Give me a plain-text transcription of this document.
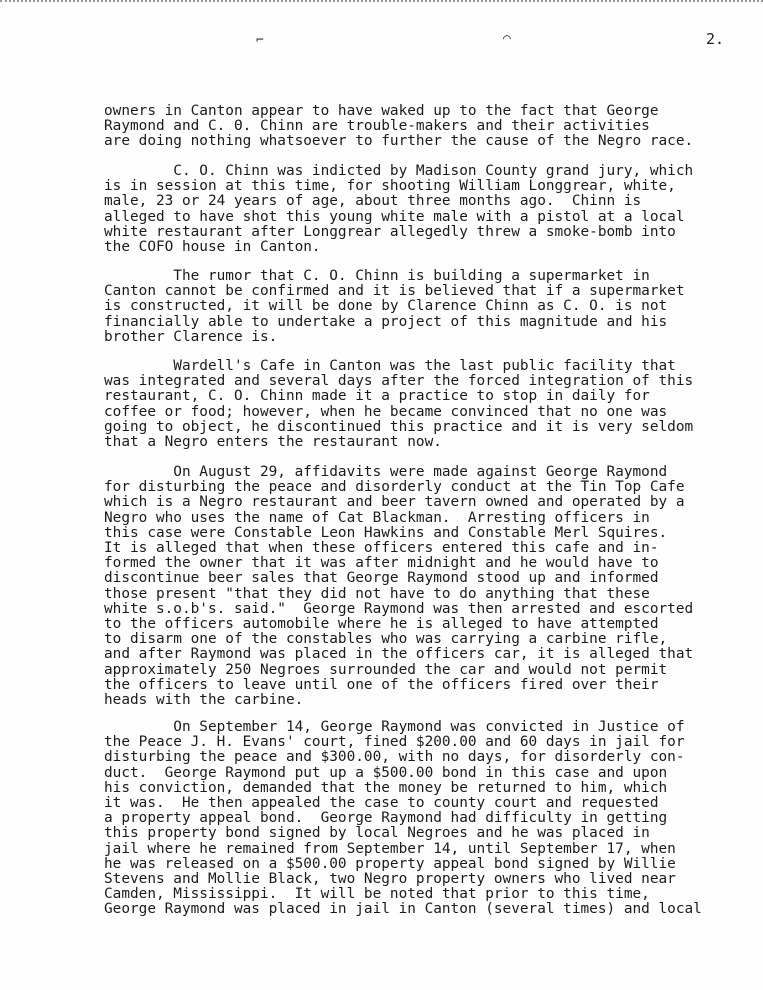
⌐	⌒	2.
owners in Canton appear to have waked up to the fact that George
Raymond and C. Θ. Chinn are trouble-makers and their activities
are doing nothing whatsoever to further the cause of the Negro race.
C. O. Chinn was indicted by Madison County grand jury, which
is in session at this time, for shooting William Longgrear, white,
male, 23 or 24 years of age, about three months ago.  Chinn is
alleged to have shot this young white male with a pistol at a local
white restaurant after Longgrear allegedly threw a smoke-bomb into
the COFO house in Canton.
The rumor that C. O. Chinn is building a supermarket in
Canton cannot be confirmed and it is believed that if a supermarket
is constructed, it will be done by Clarence Chinn as C. O. is not
financially able to undertake a project of this magnitude and his
brother Clarence is.
Wardell's Cafe in Canton was the last public facility that
was integrated and several days after the forced integration of this
restaurant, C. O. Chinn made it a practice to stop in daily for
coffee or food; however, when he became convinced that no one was
going to object, he discontinued this practice and it is very seldom
that a Negro enters the restaurant now.
On August 29, affidavits were made against George Raymond
for disturbing the peace and disorderly conduct at the Tin Top Cafe
which is a Negro restaurant and beer tavern owned and operated by a
Negro who uses the name of Cat Blackman.  Arresting officers in
this case were Constable Leon Hawkins and Constable Merl Squires.
It is alleged that when these officers entered this cafe and in-
formed the owner that it was after midnight and he would have to
discontinue beer sales that George Raymond stood up and informed
those present "that they did not have to do anything that these
white s.o.b's. said."  George Raymond was then arrested and escorted
to the officers automobile where he is alleged to have attempted
to disarm one of the constables who was carrying a carbine rifle,
and after Raymond was placed in the officers car, it is alleged that
approximately 250 Negroes surrounded the car and would not permit
the officers to leave until one of the officers fired over their
heads with the carbine.
On September 14, George Raymond was convicted in Justice of
the Peace J. H. Evans' court, fined $200.00 and 60 days in jail for
disturbing the peace and $300.00, with no days, for disorderly con-
duct.  George Raymond put up a $500.00 bond in this case and upon
his conviction, demanded that the money be returned to him, which
it was.  He then appealed the case to county court and requested
a property appeal bond.  George Raymond had difficulty in getting
this property bond signed by local Negroes and he was placed in
jail where he remained from September 14, until September 17, when
he was released on a $500.00 property appeal bond signed by Willie
Stevens and Mollie Black, two Negro property owners who lived near
Camden, Mississippi.  It will be noted that prior to this time,
George Raymond was placed in jail in Canton (several times) and local
